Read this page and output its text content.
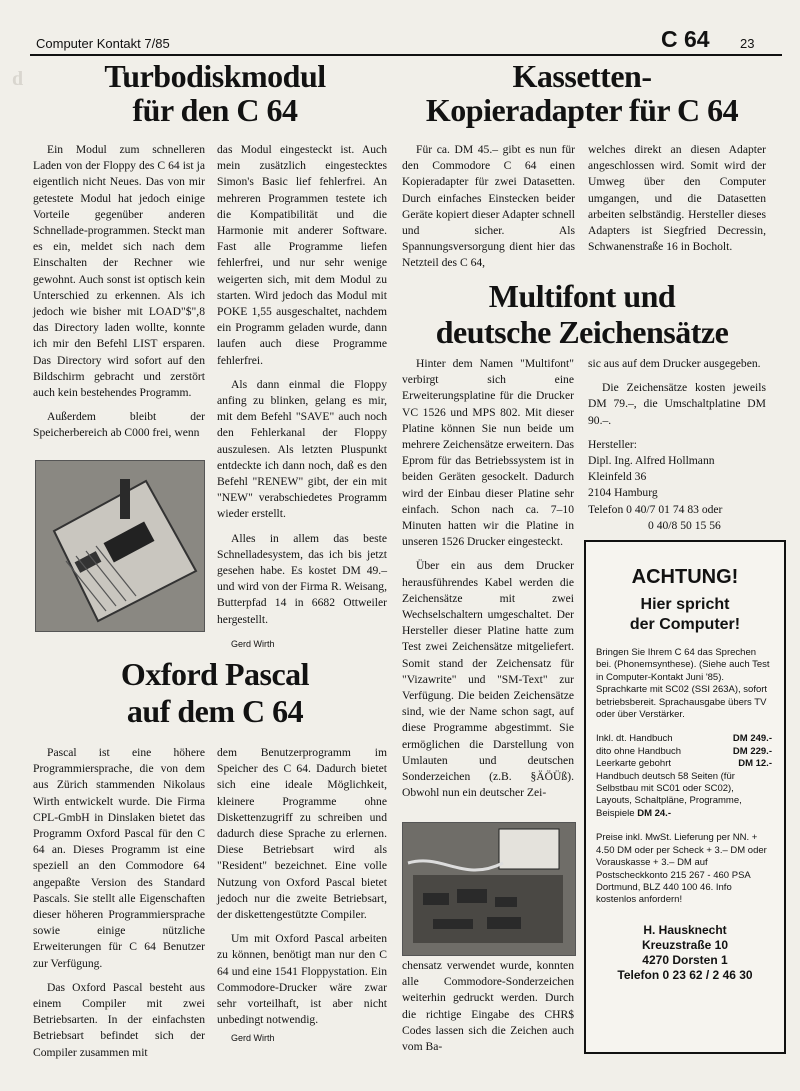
Computer Kontakt 7/85	C 64 23
d	Turbodiskmodul
für den C 64

Ein Modul zum schnelleren Laden von der Floppy des C 64 ist ja eigentlich nicht Neues. Das von mir getestete Modul hat jedoch einige Vorteile gegenüber anderen Schnellade-programmen. Steckt man es ein, meldet sich nach dem Einschalten der Rechner wie gewohnt. Auch sonst ist optisch kein Unterschied zu erkennen. Als ich jedoch wie bisher mit LOAD"$",8 das Directory laden wollte, konnte ich mir den Befehl LIST ersparen. Das Directory wird sofort auf den Bildschirm gebracht und zerstört auch kein bestehendes Programm.

Außerdem bleibt der Speicherbereich ab C000 frei, wenn

das Modul eingesteckt ist. Auch mein zusätzlich eingestecktes Simon's Basic lief fehlerfrei. An mehreren Programmen testete ich die Kompatibilität und die Harmonie mit anderer Software. Fast alle Programme liefen fehlerfrei, und nur sehr wenige weigerten sich, mit dem Modul zu starten. Wird jedoch das Modul mit POKE 1,55 ausgeschaltet, nachdem ein Programm geladen wurde, dann laufen auch diese Programme fehlerfrei.

Als dann einmal die Floppy anfing zu blinken, gelang es mir, mit dem Befehl "SAVE" auch noch den Fehlerkanal der Floppy auszulesen. Als letzten Pluspunkt entdeckte ich dann noch, daß es den Befehl "RENEW" gibt, der ein mit "NEW" verabschiedetes Programm wieder erstellt.

Alles in allem das beste Schnelladesystem, das ich bis jetzt gesehen habe. Es kostet DM 49.– und wird von der Firma R. Weisang, Butterpfad 14 in 6682 Ottweiler hergestellt.

Gerd Wirth

Kassetten-
Kopieradapter für C 64

Für ca. DM 45.– gibt es nun für den Commodore C 64 einen Kopieradapter für zwei Datasetten. Durch einfaches Einstecken beider Geräte kopiert dieser Adapter schnell und sicher. Als Spannungsversorgung dient hier das Netzteil des C 64,

welches direkt an diesen Adapter angeschlossen wird. Somit wird der Umweg über den Computer umgangen, und die Datasetten arbeiten selbständig. Hersteller dieses Adapters ist Siegfried Decressin, Schwanenstraße 16 in Bocholt.

Multifont und
deutsche Zeichensätze

Hinter dem Namen "Multifont" verbirgt sich eine Erweiterungsplatine für die Drucker VC 1526 und MPS 802. Mit dieser Platine können Sie nun beide um mehrere Zeichensätze erweitern. Das Eprom für das Betriebssystem ist in beiden Geräten gesockelt. Dadurch wird der Einbau dieser Platine sehr einfach. Schon nach ca. 7–10 Minuten hatten wir die Platine in unseren 1526 Drucker eingesteckt.

Über ein aus dem Drucker herausführendes Kabel werden die Zeichensätze mit zwei Wechselschaltern umgeschaltet. Der Hersteller dieser Platine hatte zum Test zwei Zeichensätze mitgeliefert. Somit stand der Zeichensatz für "Vizawrite" und "SM-Text" zur Verfügung. Die beiden Zeichensätze sind, wie der Name schon sagt, auf diese Programme abgestimmt. Sie ermöglichen die Darstellung von Umlauten und deutschen Sonderzeichen (z.B. §ÄÖÜß). Obwohl nun ein deutscher Zei-

chensatz verwendet wurde, konnten alle Commodore-Sonderzeichen weiterhin gedruckt werden. Durch die richtige Eingabe des CHR$ Codes lassen sich die Zeichen auch vom Ba-

sic aus auf dem Drucker ausgegeben.

Die Zeichensätze kosten jeweils DM 79.–, die Umschaltplatine DM 90.–.

Hersteller:
Dipl. Ing. Alfred Hollmann
Kleinfeld 36
2104 Hamburg
Telefon 0 40/7 01 74 83 oder
0 40/8 50 15 56
Oxford Pascal
auf dem C 64

Pascal ist eine höhere Programmiersprache, die von dem aus Zürich stammenden Nikolaus Wirth entwickelt wurde. Die Firma CPL-GmbH in Dinslaken bietet das Programm Oxford Pascal für den C 64 an. Dieses Programm ist eine speziell an den Commodore 64 angepaßte Version des Standard Pascals. Sie stellt alle Eigenschaften dieser höheren Programmiersprache sowie einige nützliche Erweiterungen für C 64 Benutzer zur Verfügung.

Das Oxford Pascal besteht aus einem Compiler mit zwei Betriebsarten. In der einfachsten Betriebsart befindet sich der Compiler zusammen mit

dem Benutzerprogramm im Speicher des C 64. Dadurch bietet sich eine ideale Möglichkeit, kleinere Programme ohne Diskettenzugriff zu schreiben und dadurch diese Sprache zu erlernen. Diese Betriebsart wird als "Resident" bezeichnet. Eine volle Nutzung von Oxford Pascal bietet jedoch nur die zweite Betriebsart, der diskettengestützte Compiler.

Um mit Oxford Pascal arbeiten zu können, benötigt man nur den C 64 und eine 1541 Floppystation. Ein Commodore-Drucker wäre zwar sehr vorteilhaft, ist aber nicht unbedingt notwendig.

Gerd Wirth

ACHTUNG!
Hier spricht
der Computer!
Bringen Sie Ihrem C 64 das Sprechen bei. (Phonemsynthese). (Siehe auch Test in Computer-Kontakt Juni '85). Sprachkarte mit SC02 (SSI 263A), sofort betriebsbereit. Sprachausgabe übers TV oder über Verstärker.
Inkl. dt. Handbuch	DM 249.-
dito ohne Handbuch	DM 229.-
Leerkarte gebohrt	DM 12.-
Handbuch deutsch 58 Seiten (für Selbstbau mit SC01 oder SC02), Layouts, Schaltpläne, Programme, Beispiele DM 24.-
Preise inkl. MwSt. Lieferung per NN. + 4.50 DM oder per Scheck + 3.– DM oder Vorauskasse + 3.– DM auf Postscheckkonto 215 267 - 460 PSA Dortmund, BLZ 440 100 46. Info kostenlos anfordern!
H. Hausknecht
Kreuzstraße 10
4270 Dorsten 1
Telefon 0 23 62 / 2 46 30
